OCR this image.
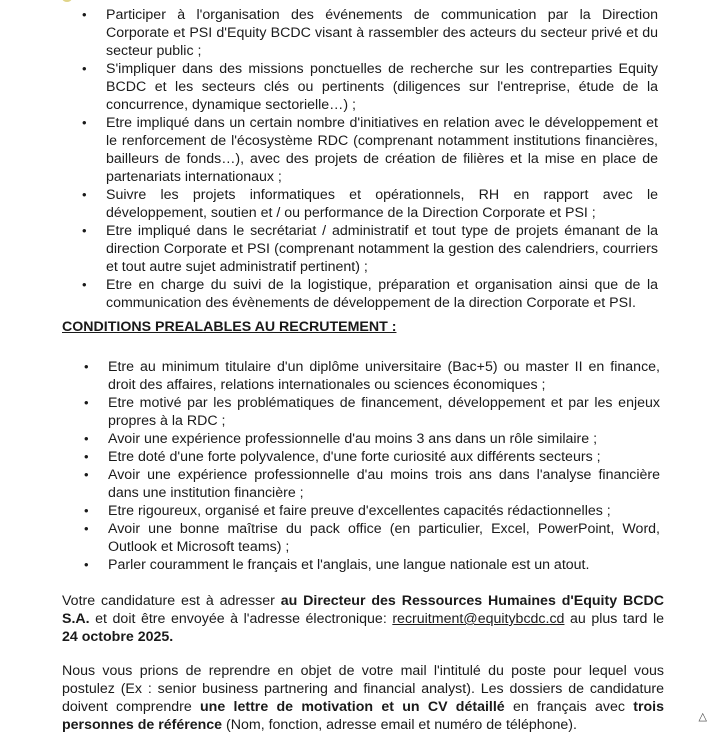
• Participer à l'organisation des événements de communication par la Direction Corporate et PSI d'Equity BCDC visant à rassembler des acteurs du secteur privé et du secteur public ;
• S'impliquer dans des missions ponctuelles de recherche sur les contreparties Equity BCDC et les secteurs clés ou pertinents (diligences sur l'entreprise, étude de la concurrence, dynamique sectorielle…) ;
• Etre impliqué dans un certain nombre d'initiatives en relation avec le développement et le renforcement de l'écosystème RDC (comprenant notamment institutions financières, bailleurs de fonds…), avec des projets de création de filières et la mise en place de partenariats internationaux ;
• Suivre les projets informatiques et opérationnels, RH en rapport avec le développement, soutien et / ou performance de la Direction Corporate et PSI ;
• Etre impliqué dans le secrétariat / administratif et tout type de projets émanant de la direction Corporate et PSI (comprenant notamment la gestion des calendriers, courriers et tout autre sujet administratif pertinent) ;
• Etre en charge du suivi de la logistique, préparation et organisation ainsi que de la communication des évènements de développement de la direction Corporate et PSI.
CONDITIONS PREALABLES AU RECRUTEMENT :
• Etre au minimum titulaire d'un diplôme universitaire (Bac+5) ou master II en finance, droit des affaires, relations internationales ou sciences économiques ;
• Etre motivé par les problématiques de financement, développement et par les enjeux propres à la RDC ;
• Avoir une expérience professionnelle d'au moins 3 ans dans un rôle similaire ;
• Etre doté d'une forte polyvalence, d'une forte curiosité aux différents secteurs ;
• Avoir une expérience professionnelle d'au moins trois ans dans l'analyse financière dans une institution financière ;
• Etre rigoureux, organisé et faire preuve d'excellentes capacités rédactionnelles ;
• Avoir une bonne maîtrise du pack office (en particulier, Excel, PowerPoint, Word, Outlook et Microsoft teams) ;
• Parler couramment le français et l'anglais, une langue nationale est un atout.

Votre candidature est à adresser au Directeur des Ressources Humaines d'Equity BCDC S.A. et doit être envoyée à l'adresse électronique: recruitment@equitybcdc.cd au plus tard le 24 octobre 2025.

Nous vous prions de reprendre en objet de votre mail l'intitulé du poste pour lequel vous postulez (Ex : senior business partnering and financial analyst). Les dossiers de candidature doivent comprendre une lettre de motivation et un CV détaillé en français avec trois personnes de référence (Nom, fonction, adresse email et numéro de téléphone).	△
